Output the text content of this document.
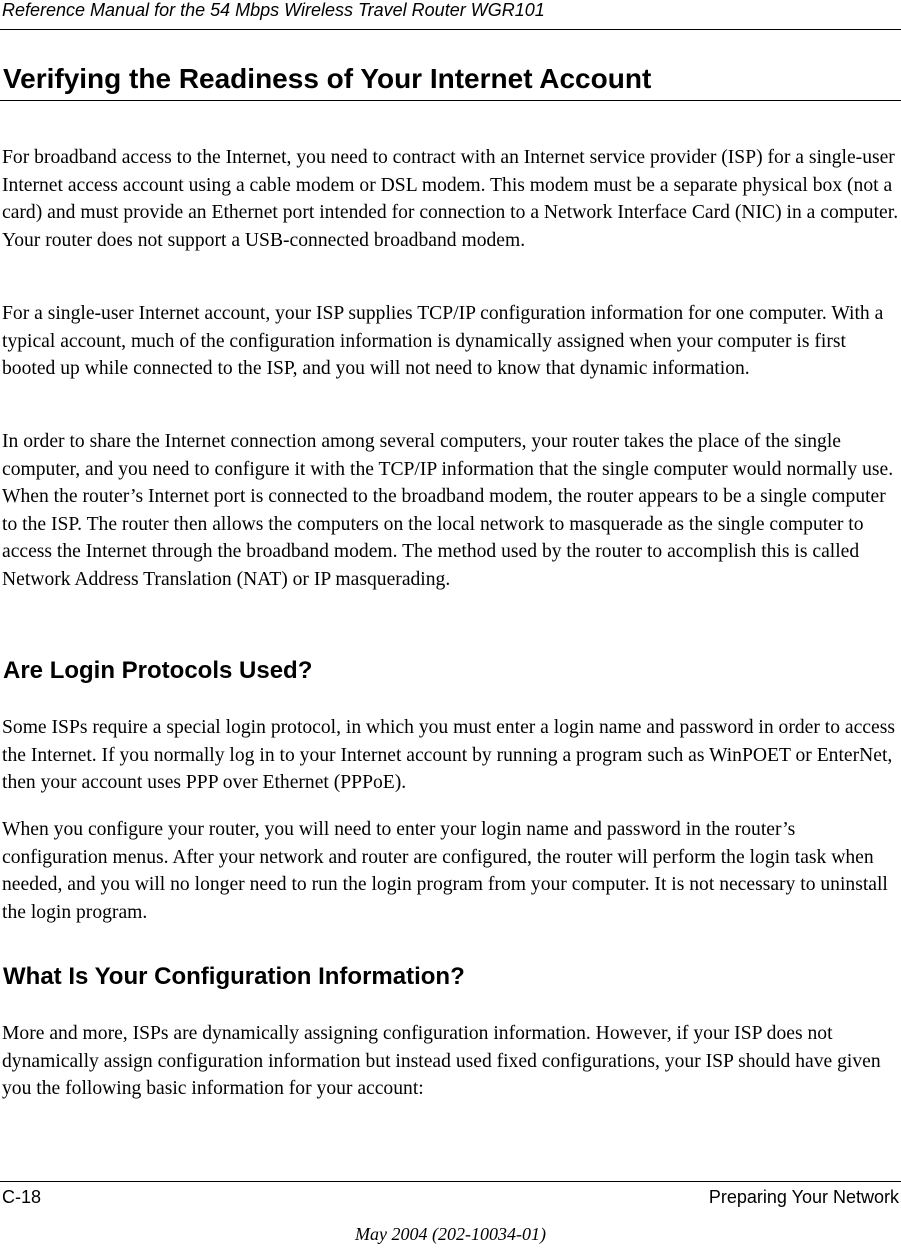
Reference Manual for the 54 Mbps Wireless Travel Router WGR101
Verifying the Readiness of Your Internet Account

For broadband access to the Internet, you need to contract with an Internet service provider (ISP) for a single-user Internet access account using a cable modem or DSL modem. This modem must be a separate physical box (not a card) and must provide an Ethernet port intended for connection to a Network Interface Card (NIC) in a computer. Your router does not support a USB-connected broadband modem.

For a single-user Internet account, your ISP supplies TCP/IP configuration information for one computer. With a typical account, much of the configuration information is dynamically assigned when your computer is first booted up while connected to the ISP, and you will not need to know that dynamic information.

In order to share the Internet connection among several computers, your router takes the place of the single computer, and you need to configure it with the TCP/IP information that the single computer would normally use. When the router’s Internet port is connected to the broadband modem, the router appears to be a single computer to the ISP. The router then allows the computers on the local network to masquerade as the single computer to access the Internet through the broadband modem. The method used by the router to accomplish this is called Network Address Translation (NAT) or IP masquerading.

Are Login Protocols Used?

Some ISPs require a special login protocol, in which you must enter a login name and password in order to access the Internet. If you normally log in to your Internet account by running a program such as WinPOET or EnterNet, then your account uses PPP over Ethernet (PPPoE).

When you configure your router, you will need to enter your login name and password in the router’s configuration menus. After your network and router are configured, the router will perform the login task when needed, and you will no longer need to run the login program from your computer. It is not necessary to uninstall the login program.

What Is Your Configuration Information?

More and more, ISPs are dynamically assigning configuration information. However, if your ISP does not dynamically assign configuration information but instead used fixed configurations, your ISP should have given you the following basic information for your account:

C-18	Preparing Your Network
May 2004 (202-10034-01)
